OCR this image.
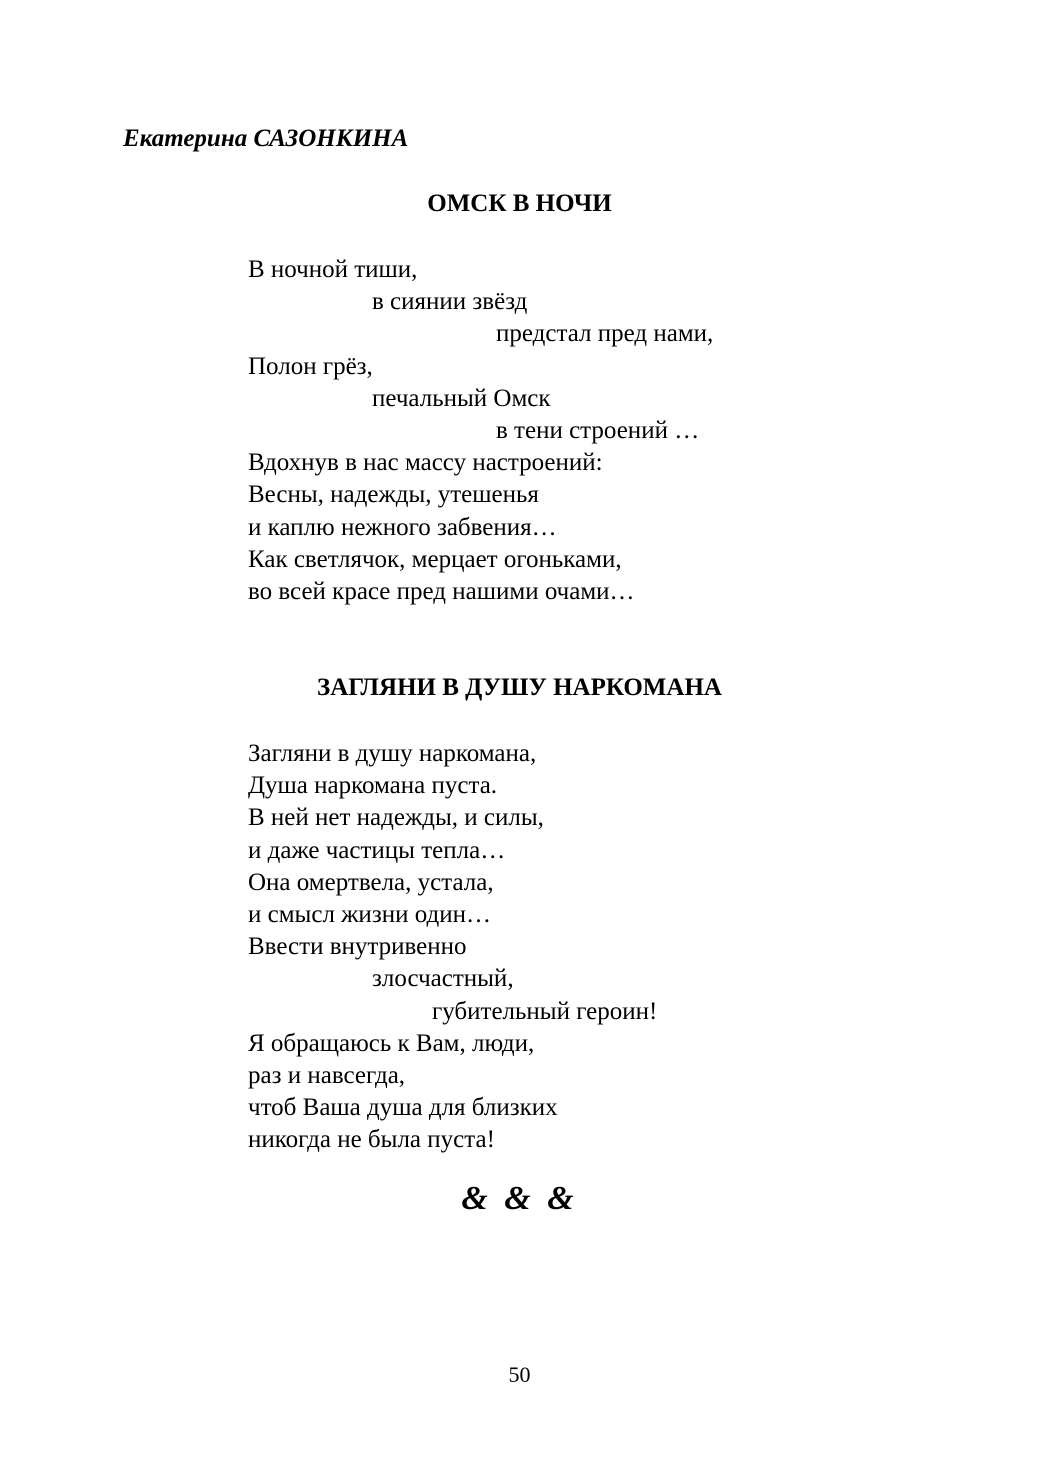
Екатерина САЗОНКИНА
ОМСК В НОЧИ
В ночной тиши,
в сиянии звёзд
предстал пред нами,
Полон грёз,
печальный Омск
в тени строений …
Вдохнув в нас массу настроений:
Весны, надежды, утешенья
и каплю нежного забвения…
Как светлячок, мерцает огоньками,
во всей красе пред нашими очами…
ЗАГЛЯНИ В ДУШУ НАРКОМАНА
Загляни в душу наркомана,
Душа наркомана пуста.
В ней нет надежды, и силы,
и даже частицы тепла…
Она омертвела, устала,
и смысл жизни один…
Ввести внутривенно
злосчастный,
губительный героин!
Я обращаюсь к Вам, люди,
раз и навсегда,
чтоб Ваша душа для близких
никогда не была пуста!
& & &
50
